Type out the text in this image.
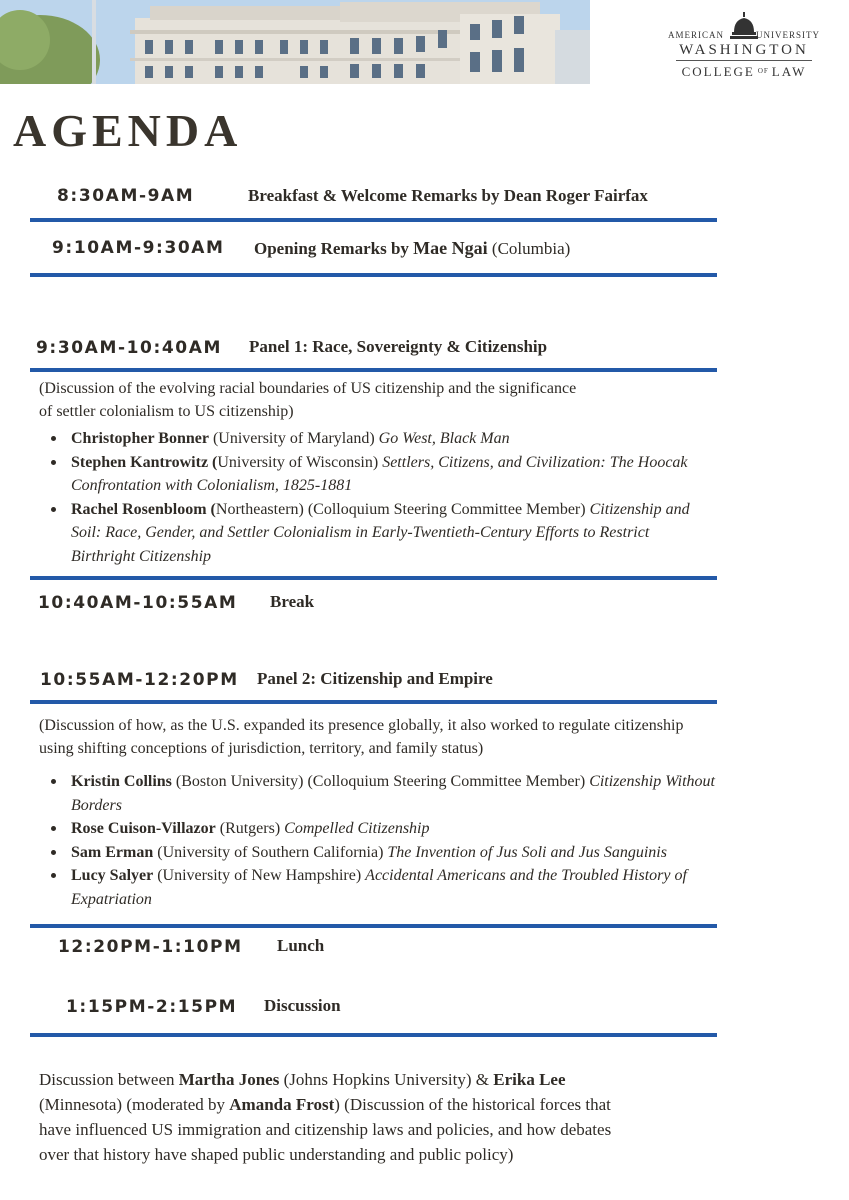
AMERICAN	UNIVERSITY
WASHINGTON
COLLEGE $^{OF}$ LAW
AGENDA
8:30AM-9AM	Breakfast & Welcome Remarks by Dean Roger Fairfax
9:10AM-9:30AM Opening Remarks by Mae Ngai (Columbia)
9:30AM-10:40AM Panel 1: Race, Sovereignty & Citizenship
(Discussion of the evolving racial boundaries of US citizenship and the significance of settler colonialism to US citizenship)
Christopher Bonner (University of Maryland) Go West, Black Man
Stephen Kantrowitz (University of Wisconsin) Settlers, Citizens, and Civilization: The Hoocak Confrontation with Colonialism, 1825-1881
Rachel Rosenbloom (Northeastern) (Colloquium Steering Committee Member) Citizenship and Soil: Race, Gender, and Settler Colonialism in Early-Twentieth-Century Efforts to Restrict Birthright Citizenship
10:40AM-10:55AM Break
10:55AM-12:20PM Panel 2: Citizenship and Empire
(Discussion of how, as the U.S. expanded its presence globally, it also worked to regulate citizenship using shifting conceptions of jurisdiction, territory, and family status)
Kristin Collins (Boston University) (Colloquium Steering Committee Member) Citizenship Without Borders
Rose Cuison-Villazor (Rutgers) Compelled Citizenship
Sam Erman (University of Southern California) The Invention of Jus Soli and Jus Sanguinis
Lucy Salyer (University of New Hampshire) Accidental Americans and the Troubled History of Expatriation
12:20PM-1:10PM Lunch
1:15PM-2:15PM Discussion
Discussion between Martha Jones (Johns Hopkins University) & Erika Lee (Minnesota) (moderated by Amanda Frost) (Discussion of the historical forces that have influenced US immigration and citizenship laws and policies, and how debates over that history have shaped public understanding and public policy)
